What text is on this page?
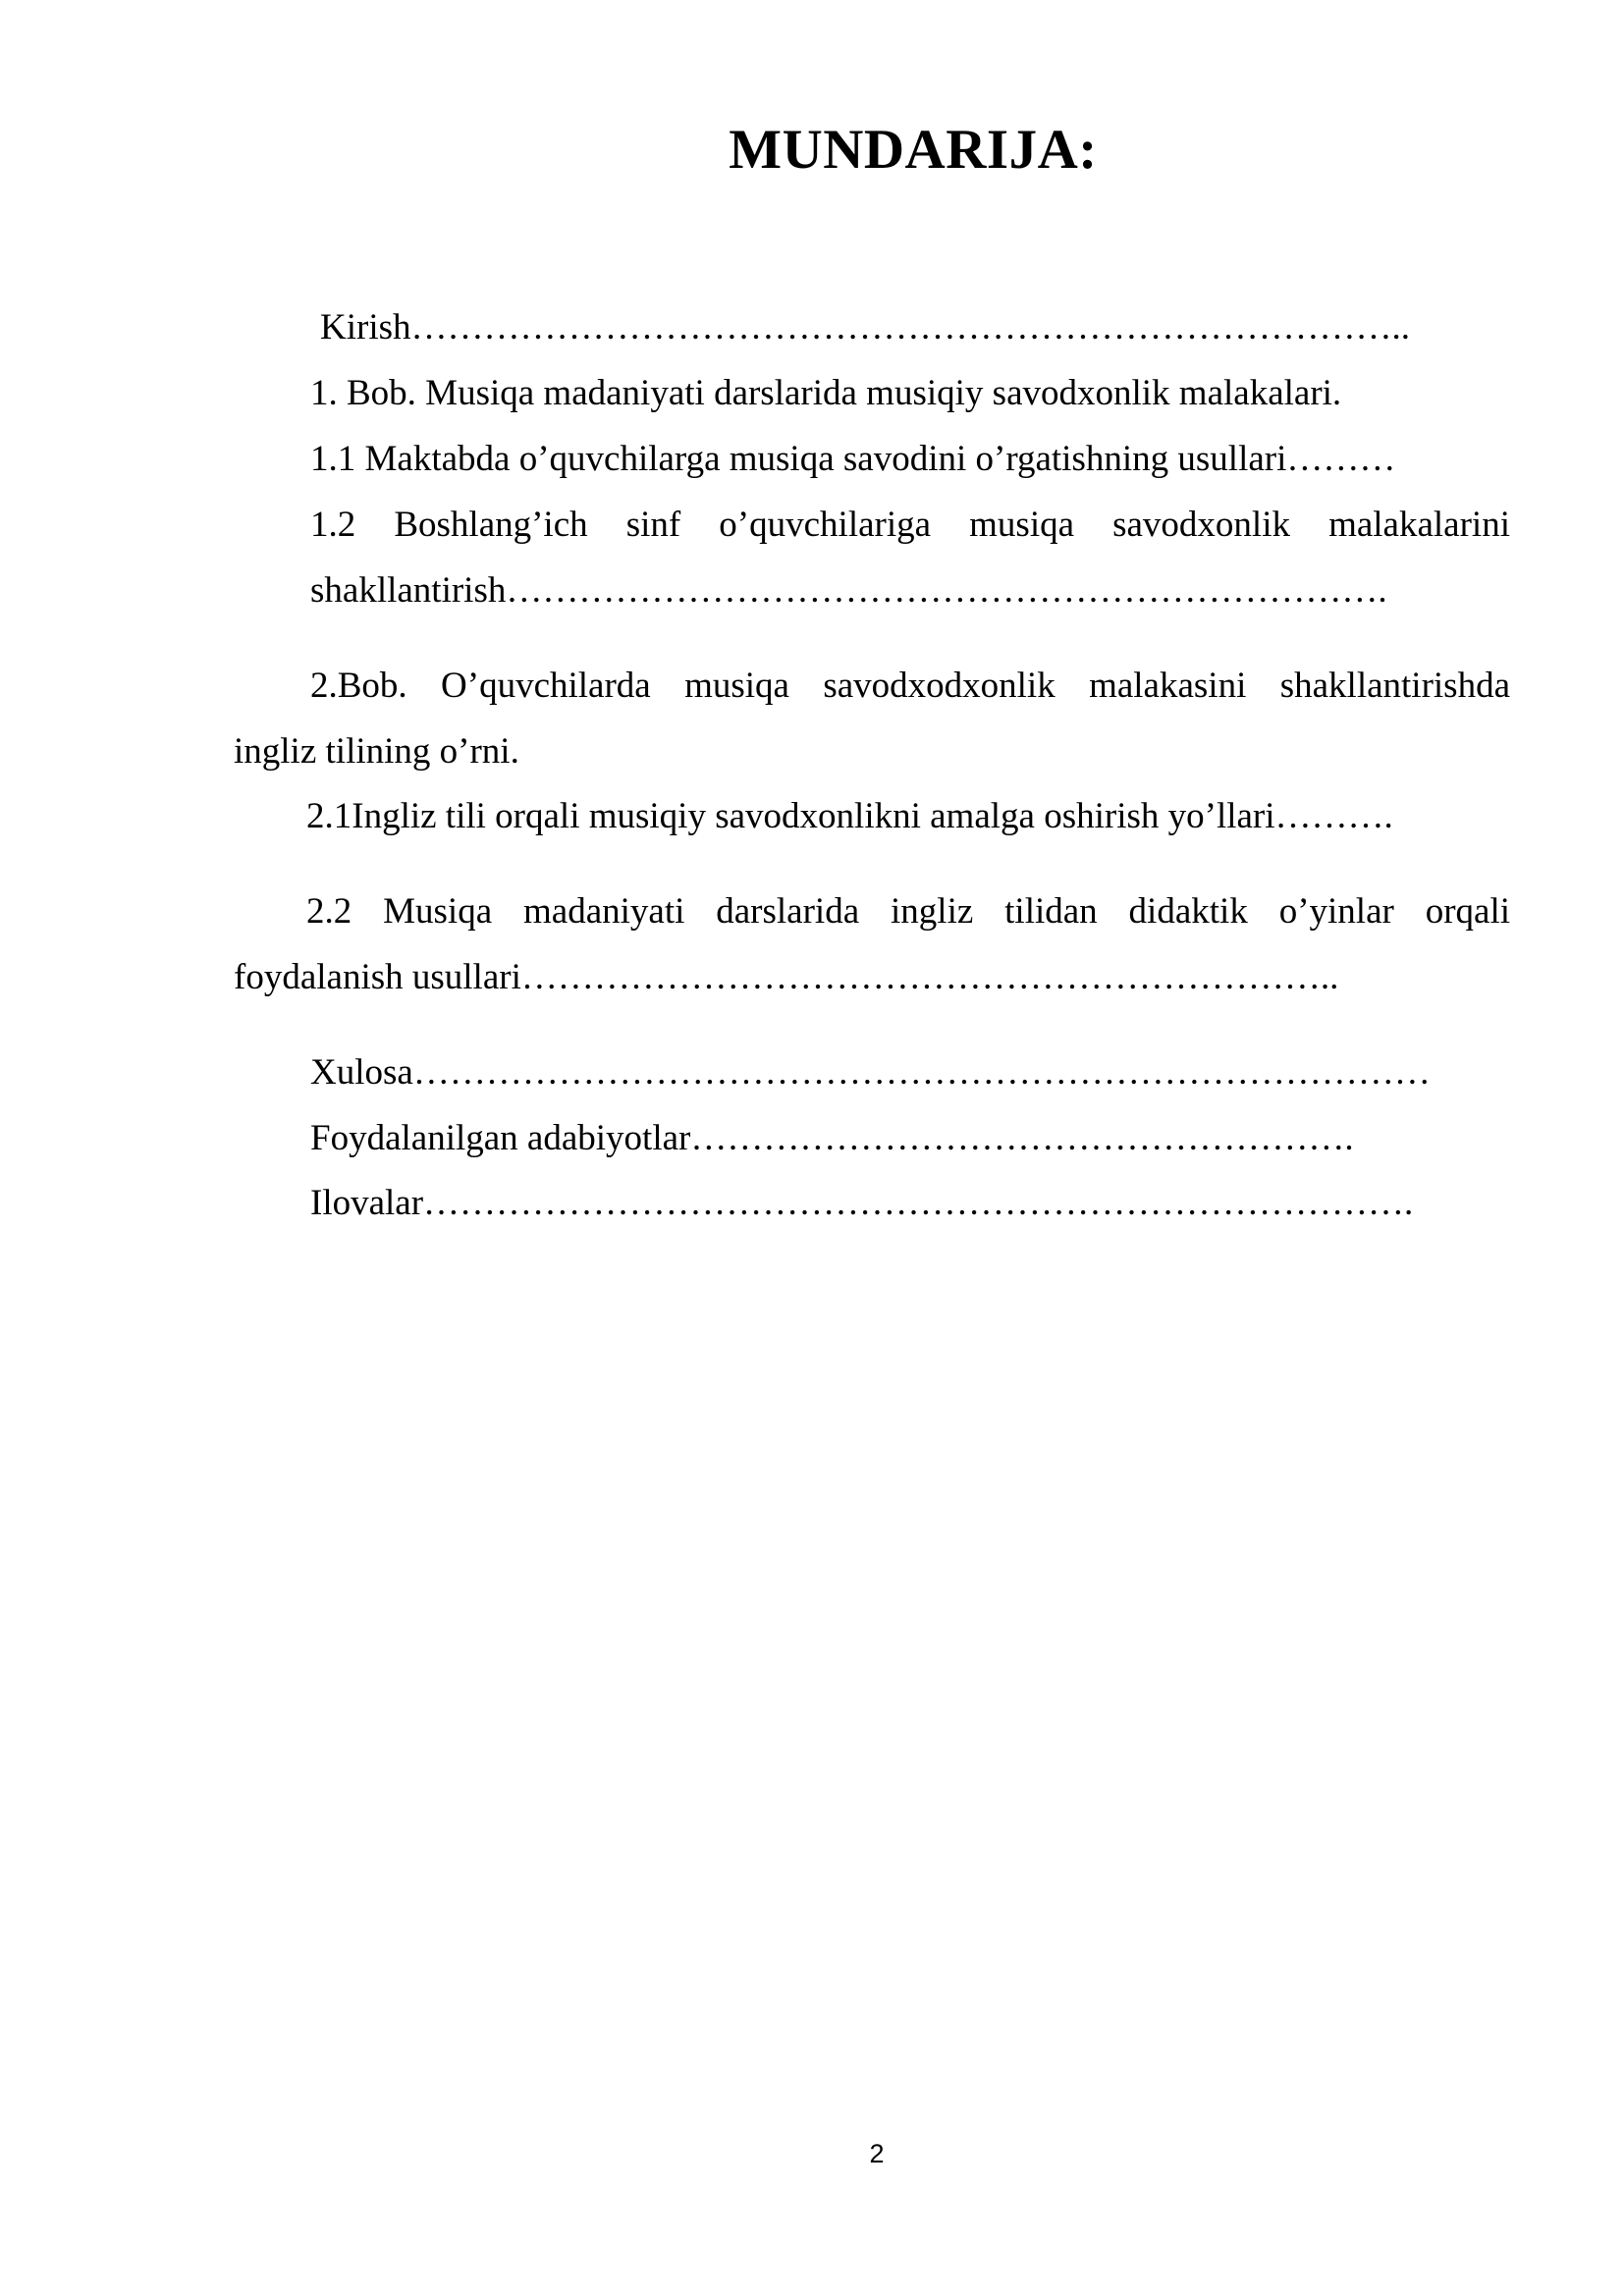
MUNDARIJA:
Kirish………………………………………………………………………..
1. Bob. Musiqa madaniyati darslarida musiqiy savodxonlik malakalari.
1.1 Maktabda o’quvchilarga musiqa savodini o’rgatishning usullari………
1.2 Boshlang’ich sinf o’quvchilariga musiqa savodxonlik malakalarini
shakllantirish……………………………………………………………….
2.Bob. O’quvchilarda musiqa savodxodxonlik malakasini shakllantirishda
ingliz tilining o’rni.
2.1Ingliz tili orqali musiqiy savodxonlikni amalga oshirish yo’llari……….
2.2 Musiqa madaniyati darslarida ingliz tilidan didaktik o’yinlar orqali
foydalanish usullari…………………………………………………………..
Xulosa…………………………………………………………………………
Foydalanilgan adabiyotlar……………………………………………….
Ilovalar……………………………………………………………………….
2
